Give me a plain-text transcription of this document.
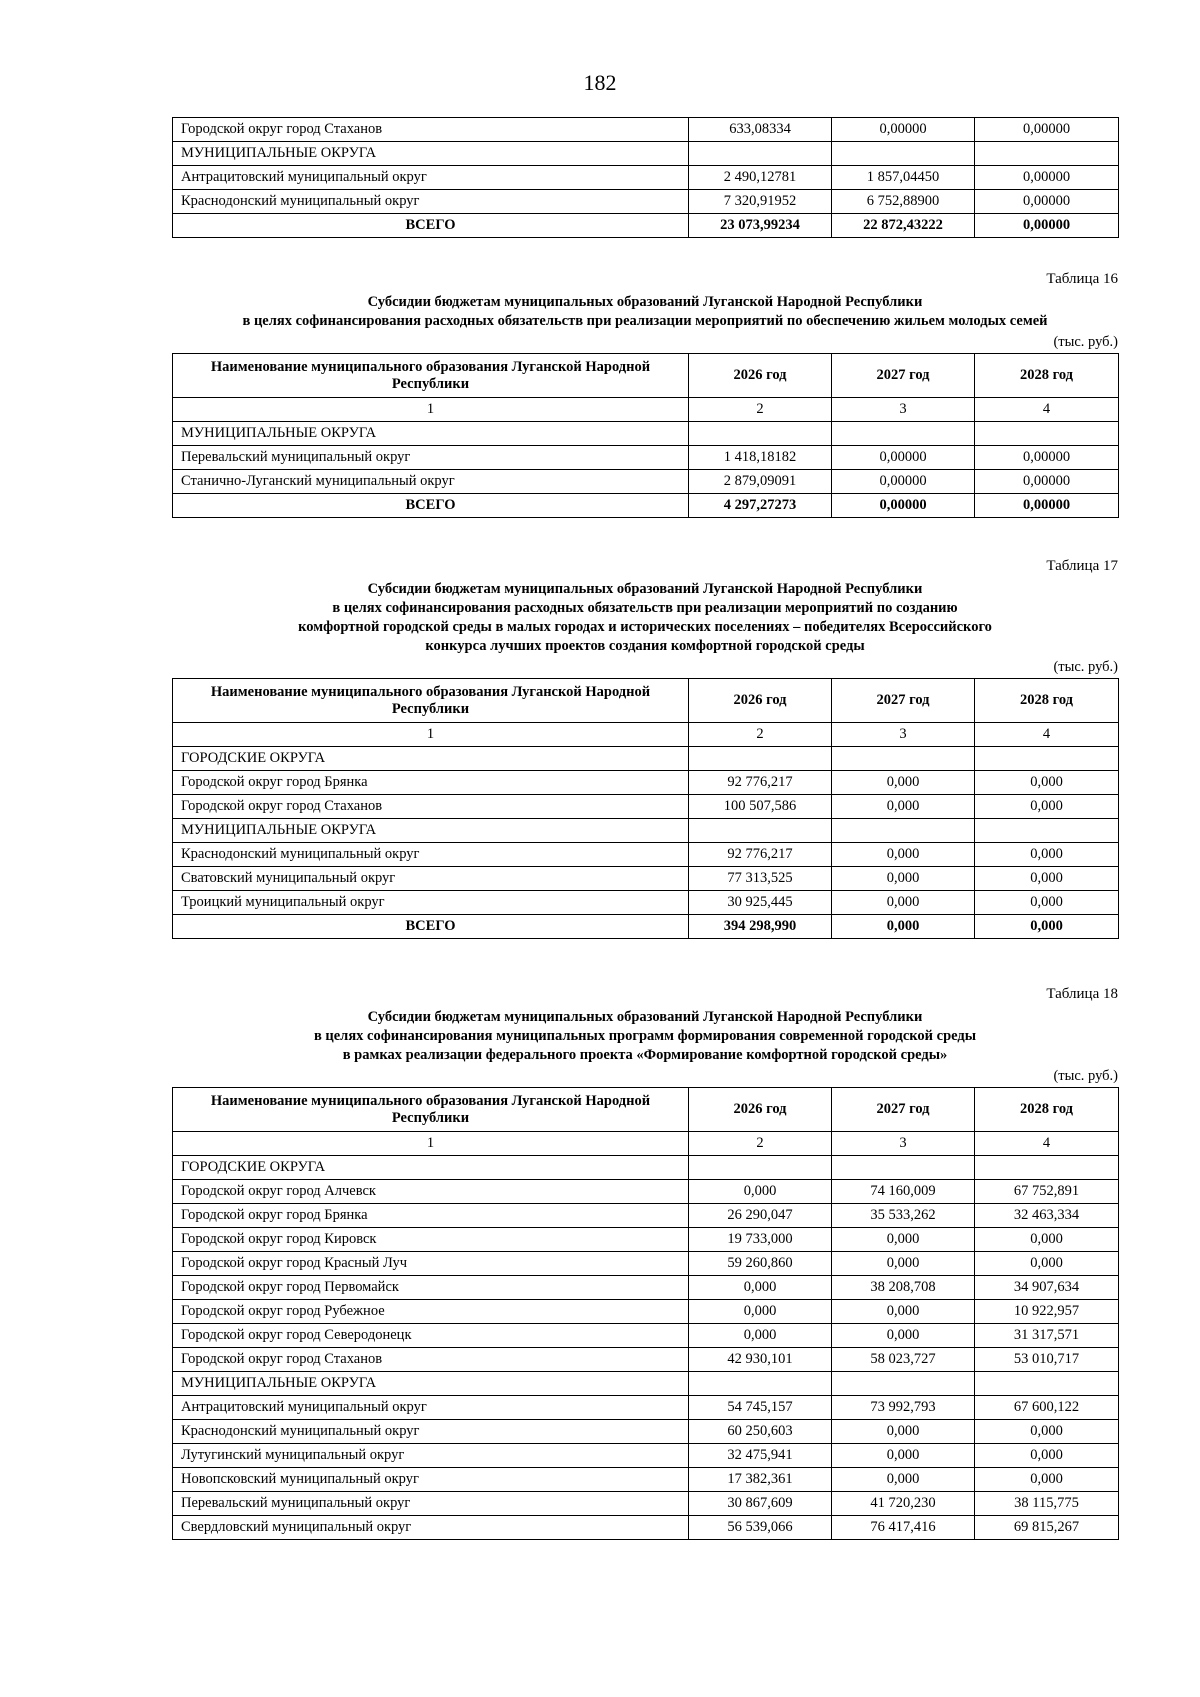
182
Городской округ город Стаханов	633,08334	0,00000	0,00000
МУНИЦИПАЛЬНЫЕ ОКРУГА			
Антрацитовский муниципальный округ	2 490,12781	1 857,04450	0,00000
Краснодонский муниципальный округ	7 320,91952	6 752,88900	0,00000
ВСЕГО	23 073,99234	22 872,43222	0,00000
Таблица 16
Субсидии бюджетам муниципальных образований Луганской Народной Республики
в целях софинансирования расходных обязательств при реализации мероприятий по обеспечению жильем молодых семей
(тыс. руб.)
Наименование муниципального образования Луганской Народной Республики	2026 год	2027 год	2028 год
1	2	3	4
МУНИЦИПАЛЬНЫЕ ОКРУГА			
Перевальский муниципальный округ	1 418,18182	0,00000	0,00000
Станично-Луганский муниципальный округ	2 879,09091	0,00000	0,00000
ВСЕГО	4 297,27273	0,00000	0,00000
Таблица 17
Субсидии бюджетам муниципальных образований Луганской Народной Республики
в целях софинансирования расходных обязательств при реализации мероприятий по созданию
комфортной городской среды в малых городах и исторических поселениях – победителях Всероссийского
конкурса лучших проектов создания комфортной городской среды
(тыс. руб.)
Наименование муниципального образования Луганской Народной Республики	2026 год	2027 год	2028 год
1	2	3	4
ГОРОДСКИЕ ОКРУГА			
Городской округ город Брянка	92 776,217	0,000	0,000
Городской округ город Стаханов	100 507,586	0,000	0,000
МУНИЦИПАЛЬНЫЕ ОКРУГА			
Краснодонский муниципальный округ	92 776,217	0,000	0,000
Сватовский муниципальный округ	77 313,525	0,000	0,000
Троицкий муниципальный округ	30 925,445	0,000	0,000
ВСЕГО	394 298,990	0,000	0,000
Таблица 18
Субсидии бюджетам муниципальных образований Луганской Народной Республики
в целях софинансирования муниципальных программ формирования современной городской среды
в рамках реализации федерального проекта «Формирование комфортной городской среды»
(тыс. руб.)
Наименование муниципального образования Луганской Народной Республики	2026 год	2027 год	2028 год
1	2	3	4
ГОРОДСКИЕ ОКРУГА			
Городской округ город Алчевск	0,000	74 160,009	67 752,891
Городской округ город Брянка	26 290,047	35 533,262	32 463,334
Городской округ город Кировск	19 733,000	0,000	0,000
Городской округ город Красный Луч	59 260,860	0,000	0,000
Городской округ город Первомайск	0,000	38 208,708	34 907,634
Городской округ город Рубежное	0,000	0,000	10 922,957
Городской округ город Северодонецк	0,000	0,000	31 317,571
Городской округ город Стаханов	42 930,101	58 023,727	53 010,717
МУНИЦИПАЛЬНЫЕ ОКРУГА			
Антрацитовский муниципальный округ	54 745,157	73 992,793	67 600,122
Краснодонский муниципальный округ	60 250,603	0,000	0,000
Лутугинский муниципальный округ	32 475,941	0,000	0,000
Новопсковский муниципальный округ	17 382,361	0,000	0,000
Перевальский муниципальный округ	30 867,609	41 720,230	38 115,775
Свердловский муниципальный округ	56 539,066	76 417,416	69 815,267
